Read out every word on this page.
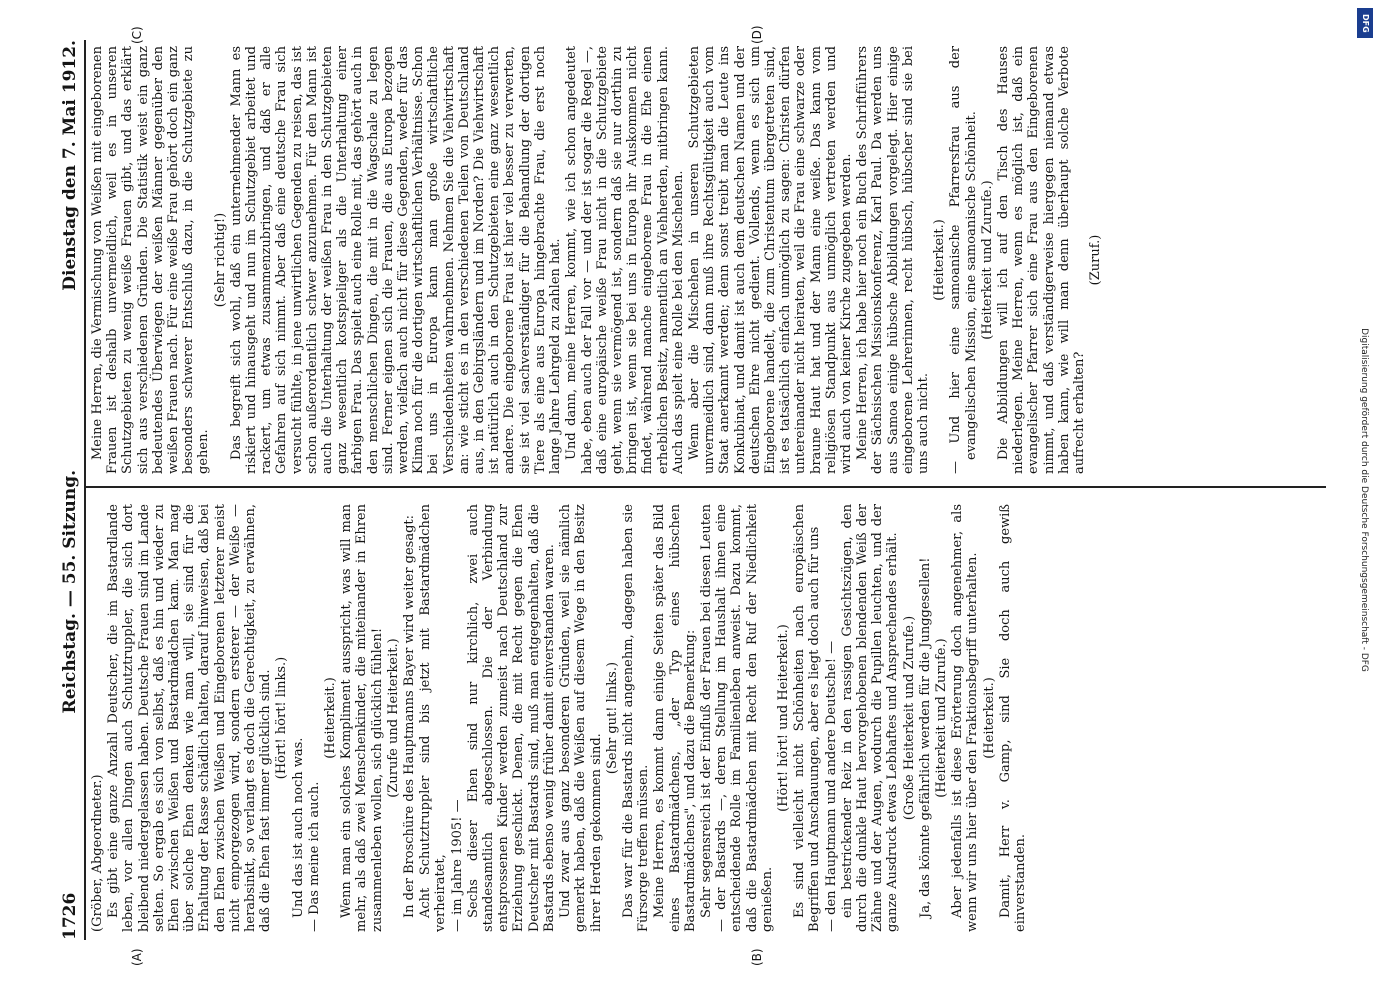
1726
Reichstag. — 55. Sitzung.
Dienstag den 7. Mai 1912.

(Gröber, Abgeordneter.) Es gibt eine ganze Anzahl Deutscher, die im Bastardlande leben, vor allen Dingen auch Schutztruppler, die sich dort bleibend niedergelassen haben. Deutsche Frauen sind im Lande selten. So ergab es sich von selbst, daß es hin und wieder zu Ehen zwischen Weißen und Bastardmädchen kam. Man mag über solche Ehen denken wie man will, sie sind für die Erhaltung der Rasse schädlich halten, darauf hinweisen, daß bei den Ehen zwischen Weißen und Eingeborenen letzterer meist nicht emporgezogen wird, sondern ersterer — der Weiße — herabsinkt, so verlangt es doch die Gerechtigkeit, zu erwähnen, daß die Ehen fast immer glücklich sind. (Hört! hört! links.)

Und das ist auch noch was. — Das meine ich auch.

(Heiterkeit.) Wenn man ein solches Kompliment ausspricht, was will man mehr, als daß zwei Menschenkinder, die miteinander in Ehren zusammenleben wollen, sich glücklich fühlen! (Zurufe und Heiterkeit.) In der Broschüre des Hauptmanns Bayer wird weiter gesagt: Acht Schutztruppler sind bis jetzt mit Bastardmädchen verheiratet, — im Jahre 1905! — Sechs dieser Ehen sind nur kirchlich, zwei auch standesamtlich abgeschlossen. Die der Verbindung entsprossenen Kinder werden zumeist nach Deutschland zur Erziehung geschickt. Denen, die mit Recht gegen die Ehen Deutscher mit Bastards sind, muß man entgegenhalten, daß die Bastards ebenso wenig früher damit einverstanden waren. Und zwar aus ganz besonderen Gründen, weil sie nämlich gemerkt haben, daß die Weißen auf diesem Wege in den Besitz ihrer Herden gekommen sind.

(Sehr gut! links.) Das war für die Bastards nicht angenehm, dagegen haben sie Fürsorge treffen müssen. Meine Herren, es kommt dann einige Seiten später das Bild eines Bastardmädchens, „der Typ eines hübschen Bastardmädchens", und dazu die Bemerkung: Sehr segensreich ist der Einfluß der Frauen bei diesen Leuten — der Bastards —, deren Stellung im Haushalt ihnen eine entscheidende Rolle im Familienleben anweist. Dazu kommt, daß die Bastardmädchen mit Recht den Ruf der Niedlichkeit genießen.

(Hört! hört! und Heiterkeit.) Es sind vielleicht nicht Schönheiten nach europäischen Begriffen und Anschauungen, aber es liegt doch auch für uns — den Hauptmann und andere Deutsche! — ein bestrickender Reiz in den rassigen Gesichtszügen, den durch die dunkle Haut hervorgehobenen blendenden Weiß der Zähne und der Augen, wodurch die Pupillen leuchten, und der ganze Ausdruck etwas Lebhaftes und Ansprechendes erhält. (Große Heiterkeit und Zurufe.) Ja, das könnte gefährlich werden für die Junggesellen! (Heiterkeit und Zurufe.) Aber jedenfalls ist diese Erörterung doch angenehmer, als wenn wir uns hier über den Fraktionsbegriff unterhalten. (Heiterkeit.) Damit, Herr v. Gamp, sind Sie doch auch gewiß einverstanden.

Meine Herren, die Vermischung von Weißen mit eingeborenen Frauen ist deshalb unvermeidlich, weil es in unseren Schutzgebieten zu wenig weiße Frauen gibt, und das erklärt sich aus verschiedenen Gründen. Die Statistik weist ein ganz bedeutendes Überwiegen der weißen Männer gegenüber den weißen Frauen nach. Für eine weiße Frau gehört doch ein ganz besonders schwerer Entschluß dazu, in die Schutzgebiete zu gehen.

(Sehr richtig!) Das begreift sich wohl, daß ein unternehmender Mann es riskiert und hinausgeht und nun im Schutzgebiet arbeitet und rackert, um etwas zusammenzubringen, und daß er alle Gefahren auf sich nimmt. Aber daß eine deutsche Frau sich versucht fühlte, in jene unwirtlichen Gegenden zu reisen, das ist schon außerordentlich schwer anzunehmen. Für den Mann ist auch die Unterhaltung der weißen Frau in den Schutzgebieten ganz wesentlich kostspieliger als die Unterhaltung einer farbigen Frau. Das spielt auch eine Rolle mit, das gehört auch in den menschlichen Dingen, die mit in die Wagschale zu legen sind. Ferner eignen sich die Frauen, die aus Europa bezogen werden, vielfach auch nicht für diese Gegenden, weder für das Klima noch für die dortigen wirtschaftlichen Verhältnisse. Schon bei uns in Europa kann man große wirtschaftliche Verschiedenheiten wahrnehmen. Nehmen Sie die Viehwirtschaft an: wie sticht es in den verschiedenen Teilen von Deutschland aus, in den Gebirgsländern und im Norden? Die Viehwirtschaft ist natürlich auch in den Schutzgebieten eine ganz wesentlich andere. Die eingeborene Frau ist hier viel besser zu verwerten, sie ist viel sachverständiger für die Behandlung der dortigen Tiere als eine aus Europa hingebrachte Frau, die erst noch lange Jahre Lehrgeld zu zahlen hat. Und dann, meine Herren, kommt, wie ich schon angedeutet habe, eben auch der Fall vor — und der ist sogar die Regel —, daß eine europäische weiße Frau nicht in die Schutzgebiete geht, wenn sie vermögend ist, sondern daß sie nur dorthin zu bringen ist, wenn sie bei uns in Europa ihr Auskommen nicht findet, während manche eingeborene Frau in die Ehe einen erheblichen Besitz, namentlich an Viehherden, mitbringen kann. Auch das spielt eine Rolle bei den Mischehen. Wenn aber die Mischehen in unseren Schutzgebieten unvermeidlich sind, dann muß ihre Rechtsgültigkeit auch vom Staat anerkannt werden; denn sonst treibt man die Leute ins Konkubinat, und damit ist auch dem deutschen Namen und der deutschen Ehre nicht gedient. Vollends, wenn es sich um Eingeborene handelt, die zum Christentum übergetreten sind, ist es tatsächlich einfach unmöglich zu sagen: Christen dürfen untereinander nicht heiraten, weil die Frau eine schwarze oder braune Haut hat und der Mann eine weiße. Das kann vom religiösen Standpunkt aus unmöglich vertreten werden und wird auch von keiner Kirche zugegeben werden. Meine Herren, ich habe hier noch ein Buch des Schriftführers der Sächsischen Missionskonferenz, Karl Paul. Da werden uns aus Samoa einige hübsche Abbildungen vorgelegt. Hier einige eingeborene Lehrerinnen, recht hübsch, hübscher sind sie bei uns auch nicht.

(Heiterkeit.) — Und hier eine samoanische Pfarrersfrau aus der evangelischen Mission, eine samoanische Schönheit. (Heiterkeit und Zurufe.) Die Abbildungen will ich auf den Tisch des Hauses niederlegen. Meine Herren, wenn es möglich ist, daß ein evangelischer Pfarrer sich eine Frau aus den Eingeborenen nimmt, und daß verständigerweise hiergegen niemand etwas haben kann, wie will man denn überhaupt solche Verbote aufrecht erhalten?

(Zuruf.)

(A)	(B)
(C)	(D)
Digitalisierung gefördert durch die Deutsche Forschungsgemeinschaft - DFG
DFG
